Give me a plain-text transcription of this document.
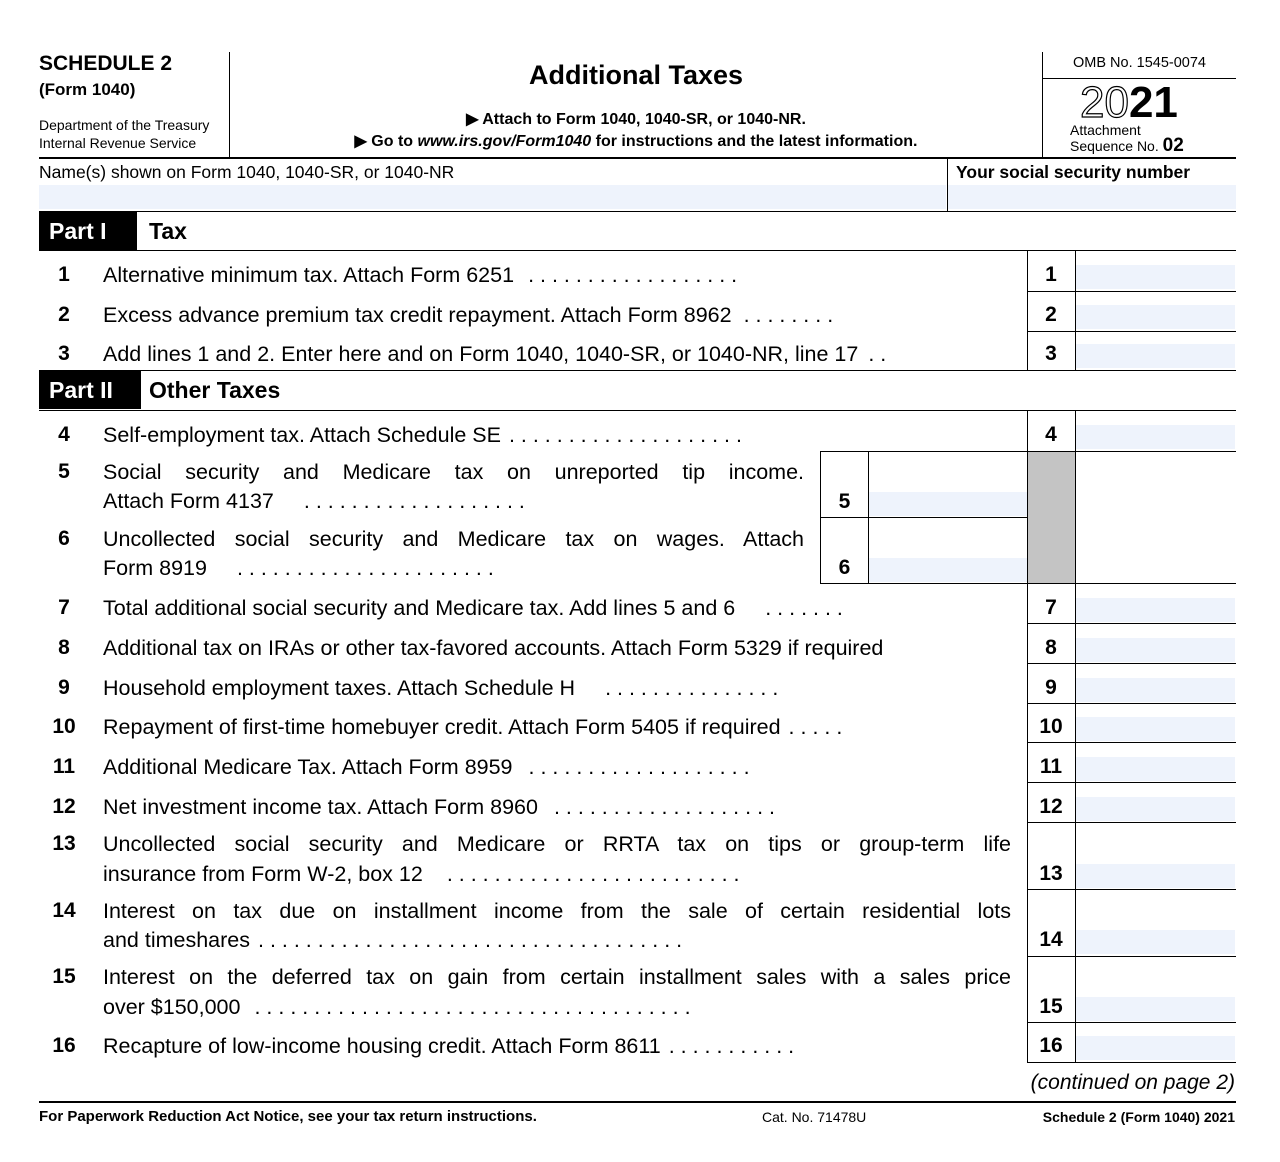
SCHEDULE 2
(Form 1040)
Department of the Treasury
Internal Revenue Service
Additional Taxes
▶ Attach to Form 1040, 1040-SR, or 1040-NR.
▶ Go to www.irs.gov/Form1040 for instructions and the latest information.
OMB No. 1545-0074
2021
Attachment
Sequence No. 02
Name(s) shown on Form 1040, 1040-SR, or 1040-NR	Your social security number
Part I	Tax
1	Alternative minimum tax. Attach Form 6251 . . . . . . . . . . . . . . . . . .	1
2	Excess advance premium tax credit repayment. Attach Form 8962 . . . . . . . .	2
3	Add lines 1 and 2. Enter here and on Form 1040, 1040-SR, or 1040-NR, line 17 . .	3
Part II	Other Taxes
4	Self-employment tax. Attach Schedule SE . . . . . . . . . . . . . . . . . . . .	4
5	Social security and Medicare tax on unreported tip income.
Attach Form 4137 . . . . . . . . . . . . . . . . . . .	5
6	Uncollected social security and Medicare tax on wages. Attach
Form 8919 . . . . . . . . . . . . . . . . . . . . . .	6
7	Total additional social security and Medicare tax. Add lines 5 and 6 . . . . . . .	7
8	Additional tax on IRAs or other tax-favored accounts. Attach Form 5329 if required	8
9	Household employment taxes. Attach Schedule H . . . . . . . . . . . . . . .	9
10	Repayment of first-time homebuyer credit. Attach Form 5405 if required . . . . .	10
11	Additional Medicare Tax. Attach Form 8959 . . . . . . . . . . . . . . . . . . .	11
12	Net investment income tax. Attach Form 8960 . . . . . . . . . . . . . . . . . . .	12
13	Uncollected social security and Medicare or RRTA tax on tips or group-term life
insurance from Form W-2, box 12 . . . . . . . . . . . . . . . . . . . . . . . . .	13
14	Interest on tax due on installment income from the sale of certain residential lots
and timeshares . . . . . . . . . . . . . . . . . . . . . . . . . . . . . . . . . . . .	14
15	Interest on the deferred tax on gain from certain installment sales with a sales price
over $150,000 . . . . . . . . . . . . . . . . . . . . . . . . . . . . . . . . . . . . .	15
16	Recapture of low-income housing credit. Attach Form 8611 . . . . . . . . . . .	16
(continued on page 2)
For Paperwork Reduction Act Notice, see your tax return instructions.	Cat. No. 71478U	Schedule 2 (Form 1040) 2021
